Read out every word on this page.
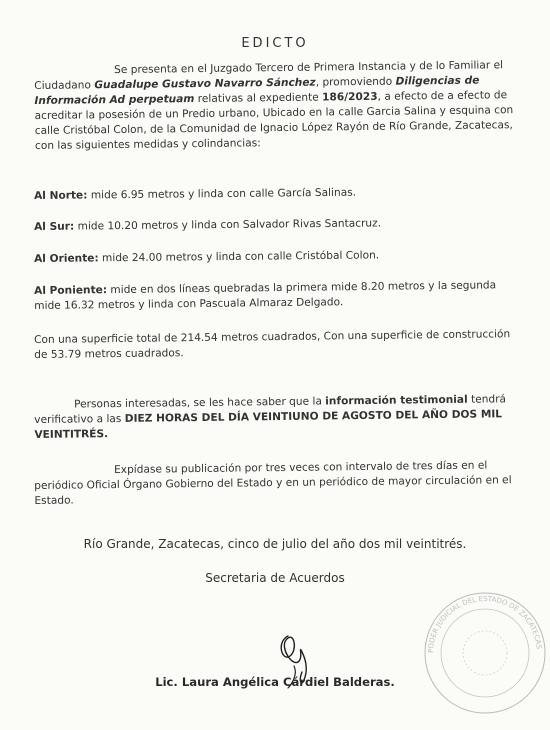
EDICTO
Se presenta en el Juzgado Tercero de Primera Instancia y de lo Familiar el Ciudadano Guadalupe Gustavo Navarro Sánchez, promoviendo Diligencias de Información Ad perpetuam relativas al expediente 186/2023, a efecto de a efecto de acreditar la posesión de un Predio urbano, Ubicado en la calle Garcia Salina y esquina con calle Cristóbal Colon, de la Comunidad de Ignacio López Rayón de Río Grande, Zacatecas, con las siguientes medidas y colindancias:
Al Norte: mide 6.95 metros y linda con calle García Salinas.
Al Sur: mide 10.20 metros y linda con Salvador Rivas Santacruz.
Al Oriente: mide 24.00 metros y linda con calle Cristóbal Colon.
Al Poniente: mide en dos líneas quebradas la primera mide 8.20 metros y la segunda mide 16.32 metros y linda con Pascuala Almaraz Delgado.
Con una superficie total de 214.54 metros cuadrados, Con una superficie de construcción de 53.79 metros cuadrados.
Personas interesadas, se les hace saber que la información testimonial tendrá verificativo a las DIEZ HORAS DEL DÍA VEINTIUNO DE AGOSTO DEL AÑO DOS MIL VEINTITRÉS.
Expídase su publicación por tres veces con intervalo de tres días en el periódico Oficial Órgano Gobierno del Estado y en un periódico de mayor circulación en el Estado.
Río Grande, Zacatecas, cinco de julio del año dos mil veintitrés.
Secretaria de Acuerdos
PODER JUDICIAL DEL ESTADO DE ZACATECAS
Lic. Laura Angélica Cárdiel Balderas.
